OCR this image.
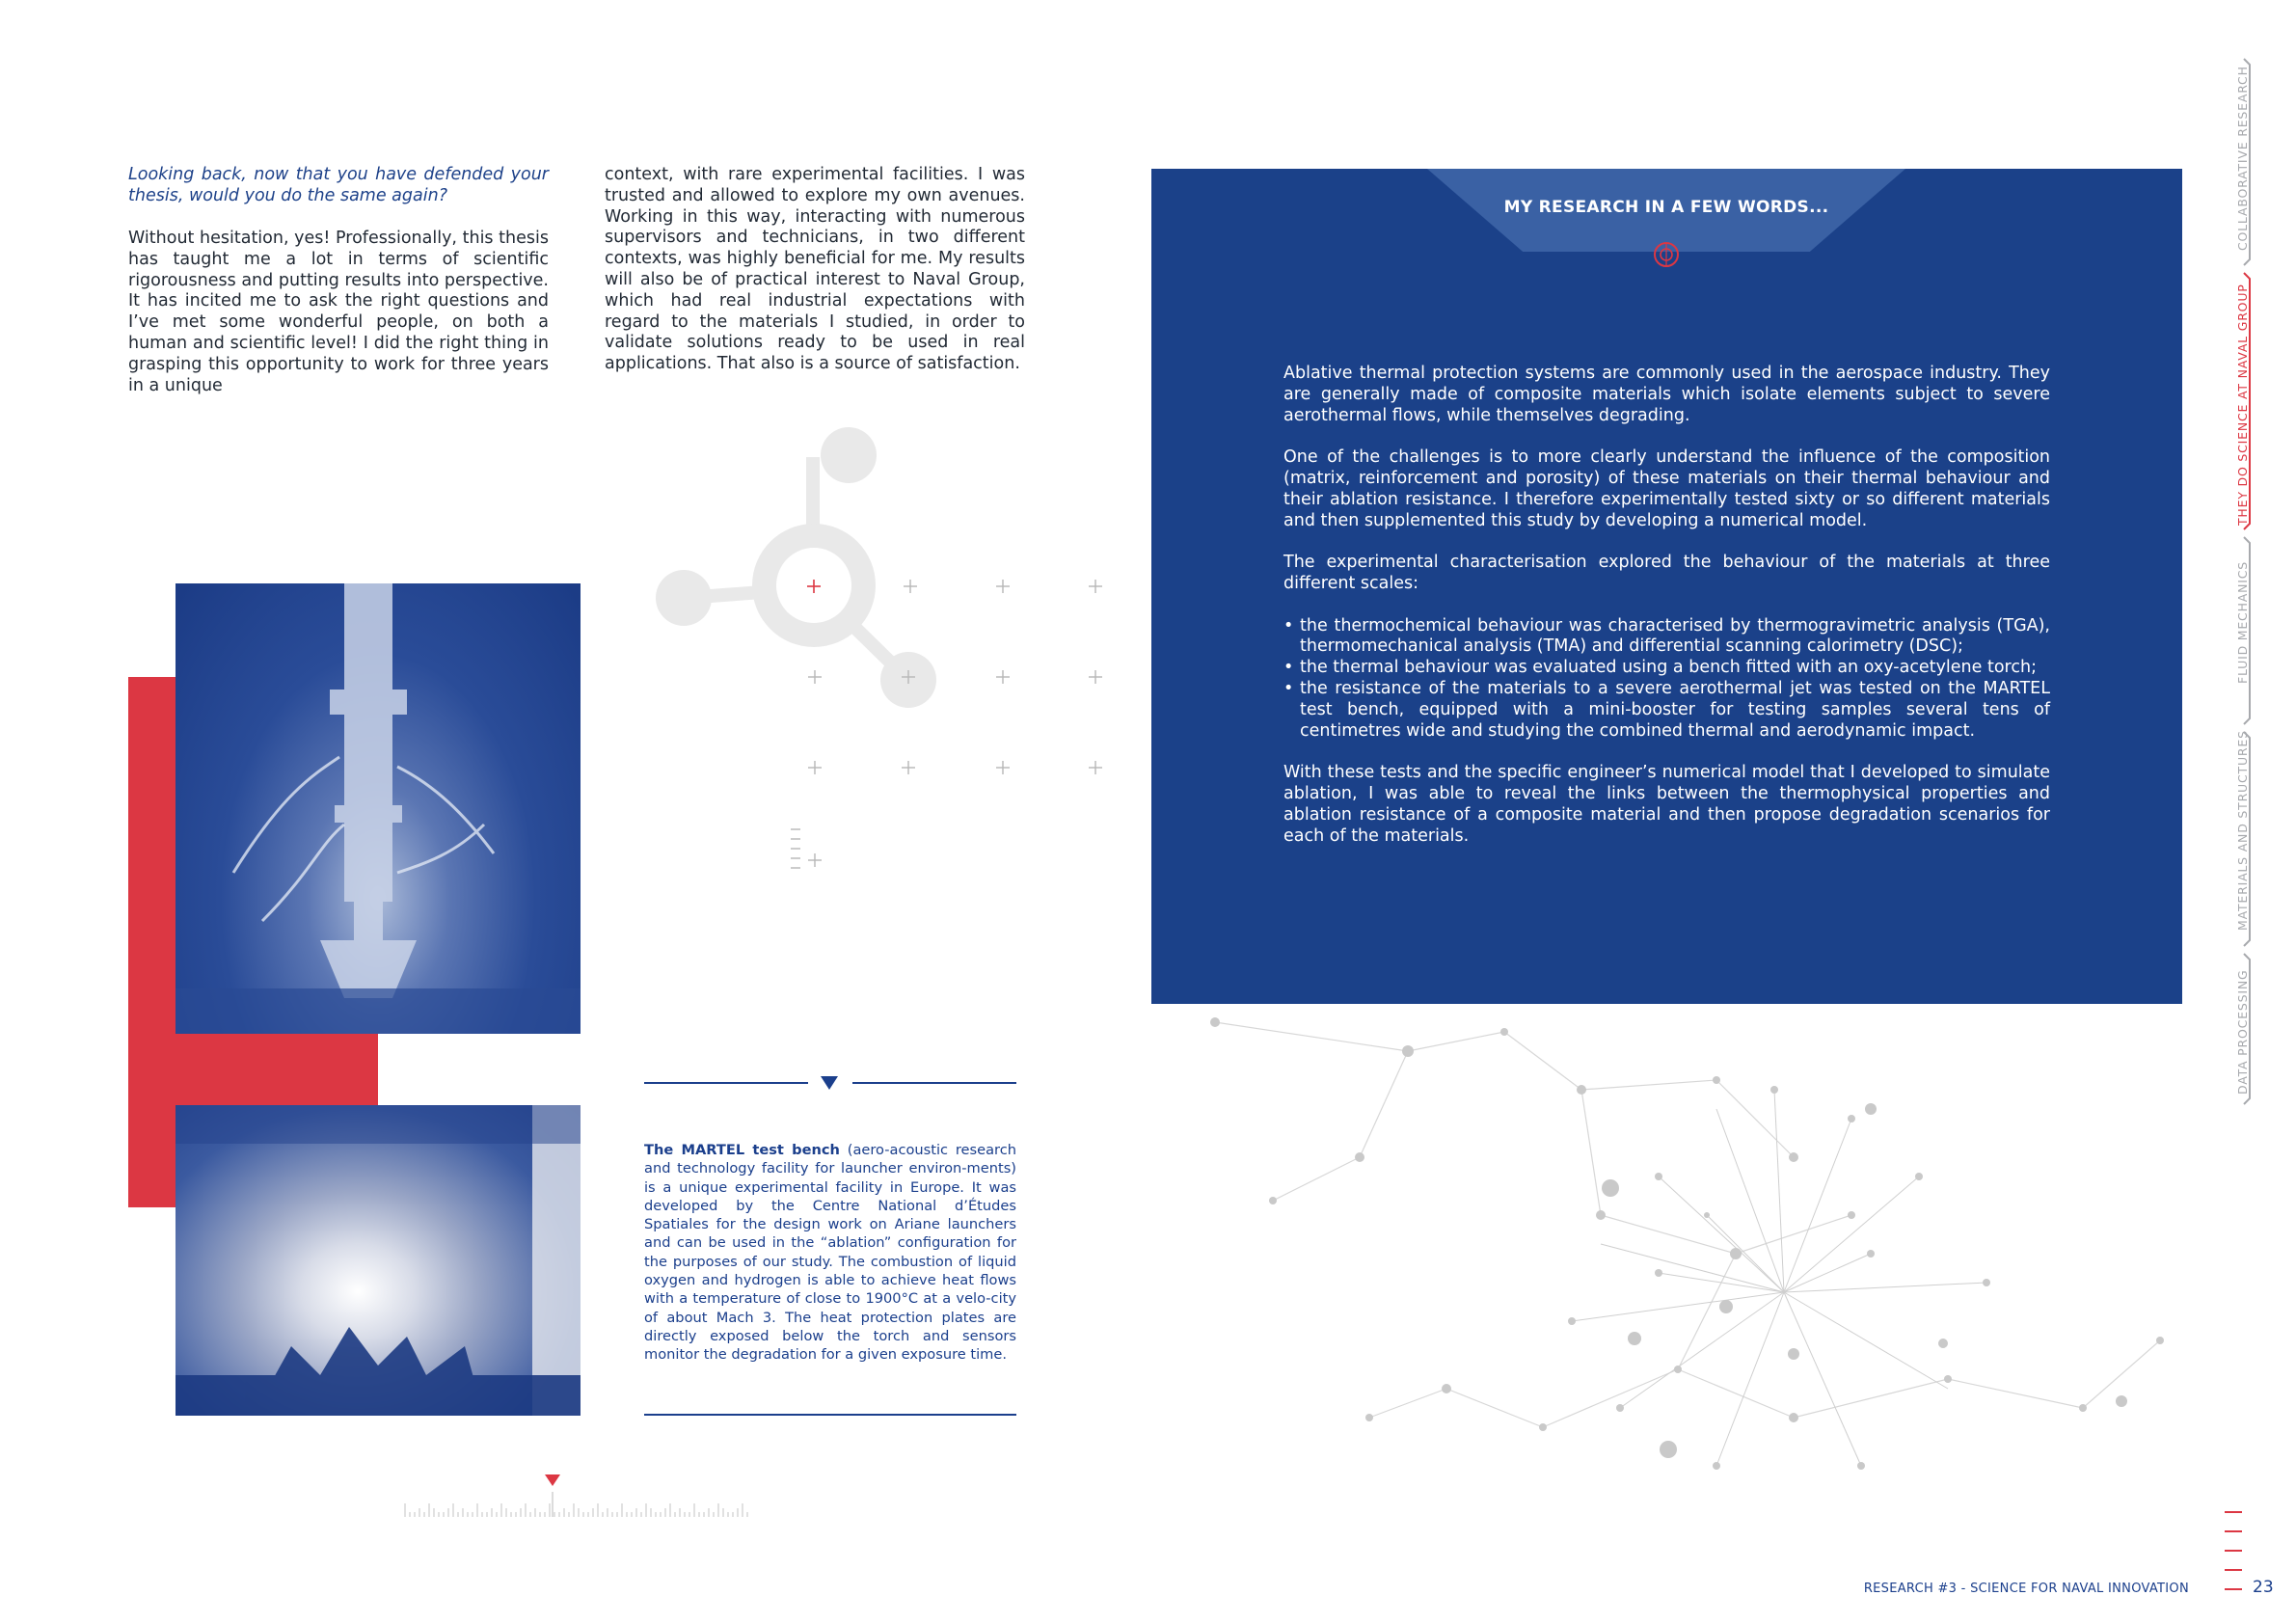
Looking back, now that you have defended your thesis, would you do the same again?
Without hesitation, yes! Professionally, this thesis has taught me a lot in terms of scientific rigorousness and putting results into perspective. It has incited me to ask the right questions and I’ve met some wonderful people, on both a human and scientific level! I did the right thing in grasping this opportunity to work for three years in a unique
context, with rare experimental facilities. I was trusted and allowed to explore my own avenues. Working in this way, interacting with numerous supervisors and technicians, in two different contexts, was highly beneficial for me. My results will also be of practical interest to Naval Group, which had real industrial expectations with regard to the materials I studied, in order to validate solutions ready to be used in real applications. That also is a source of satisfaction.
MY RESEARCH IN A FEW WORDS...

Ablative thermal protection systems are commonly used in the aerospace industry. They are generally made of composite materials which isolate elements subject to severe aerothermal flows, while themselves degrading.

One of the challenges is to more clearly understand the influence of the composition (matrix, reinforcement and porosity) of these materials on their thermal behaviour and their ablation resistance. I therefore experimentally tested sixty or so different materials and then supplemented this study by developing a numerical model.

The experimental characterisation explored the behaviour of the materials at three different scales:

• the thermochemical behaviour was characterised by thermogravimetric analysis (TGA), thermomechanical analysis (TMA) and differential scanning calorimetry (DSC);
• the thermal behaviour was evaluated using a bench fitted with an oxy-acetylene torch;
• the resistance of the materials to a severe aerothermal jet was tested on the MARTEL test bench, equipped with a mini-booster for testing samples several tens of centimetres wide and studying the combined thermal and aerodynamic impact.

With these tests and the specific engineer’s numerical model that I developed to simulate ablation, I was able to reveal the links between the thermophysical properties and ablation resistance of a composite material and then propose degradation scenarios for each of the materials.

The MARTEL test bench (aero-acoustic research and technology facility for launcher environ-ments) is a unique experimental facility in Europe. It was developed by the Centre National d’Études Spatiales for the design work on Ariane launchers and can be used in the “ablation” configuration for the purposes of our study. The combustion of liquid oxygen and hydrogen is able to achieve heat flows with a temperature of close to 1900°C at a velo-city of about Mach 3. The heat protection plates are directly exposed below the torch and sensors monitor the degradation for a given exposure time.
COLLABORATIVE RESEARCH
THEY DO SCIENCE AT NAVAL GROUP
FLUID MECHANICS
MATERIALS AND STRUCTURES
DATA PROCESSING
RESEARCH #3 - SCIENCE FOR NAVAL INNOVATION	23
